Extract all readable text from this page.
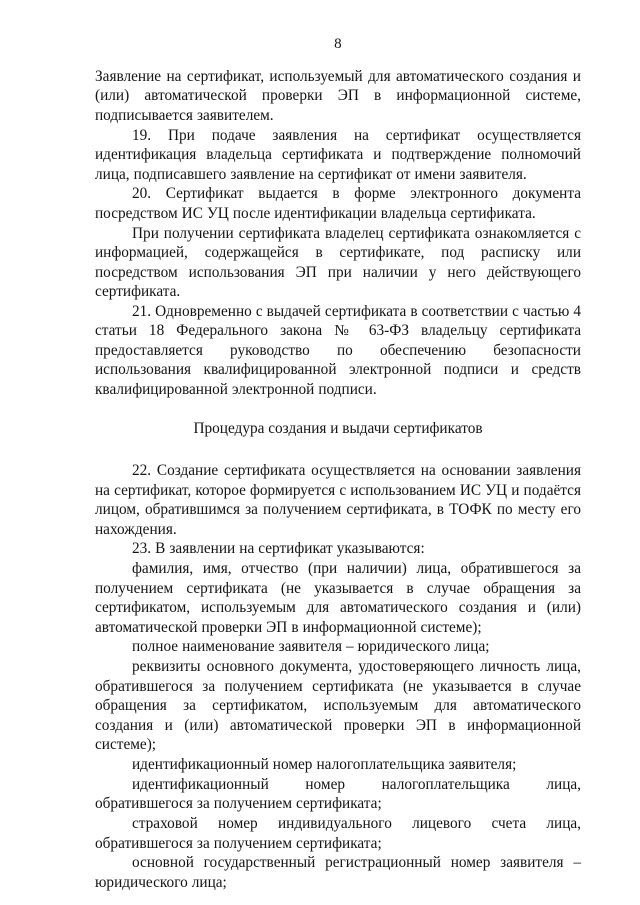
8

Заявление на сертификат, используемый для автоматического создания и (или) автоматической проверки ЭП в информационной системе, подписывается заявителем.

19. При подаче заявления на сертификат осуществляется идентификация владельца сертификата и подтверждение полномочий лица, подписавшего заявление на сертификат от имени заявителя.

20. Сертификат выдается в форме электронного документа посредством ИС УЦ после идентификации владельца сертификата.

При получении сертификата владелец сертификата ознакомляется с информацией, содержащейся в сертификате, под расписку или посредством использования ЭП при наличии у него действующего сертификата.

21. Одновременно с выдачей сертификата в соответствии с частью 4 статьи 18 Федерального закона № 63-ФЗ владельцу сертификата предоставляется руководство по обеспечению безопасности использования квалифицированной электронной подписи и средств квалифицированной электронной подписи.

Процедура создания и выдачи сертификатов

22. Создание сертификата осуществляется на основании заявления на сертификат, которое формируется с использованием ИС УЦ и подаётся лицом, обратившимся за получением сертификата, в ТОФК по месту его нахождения.

23. В заявлении на сертификат указываются:

фамилия, имя, отчество (при наличии) лица, обратившегося за получением сертификата (не указывается в случае обращения за сертификатом, используемым для автоматического создания и (или) автоматической проверки ЭП в информационной системе);

полное наименование заявителя – юридического лица;

реквизиты основного документа, удостоверяющего личность лица, обратившегося за получением сертификата (не указывается в случае обращения за сертификатом, используемым для автоматического создания и (или) автоматической проверки ЭП в информационной системе);

идентификационный номер налогоплательщика заявителя;

идентификационный номер налогоплательщика лица, обратившегося за получением сертификата;

страховой номер индивидуального лицевого счета лица, обратившегося за получением сертификата;

основной государственный регистрационный номер заявителя – юридического лица;
